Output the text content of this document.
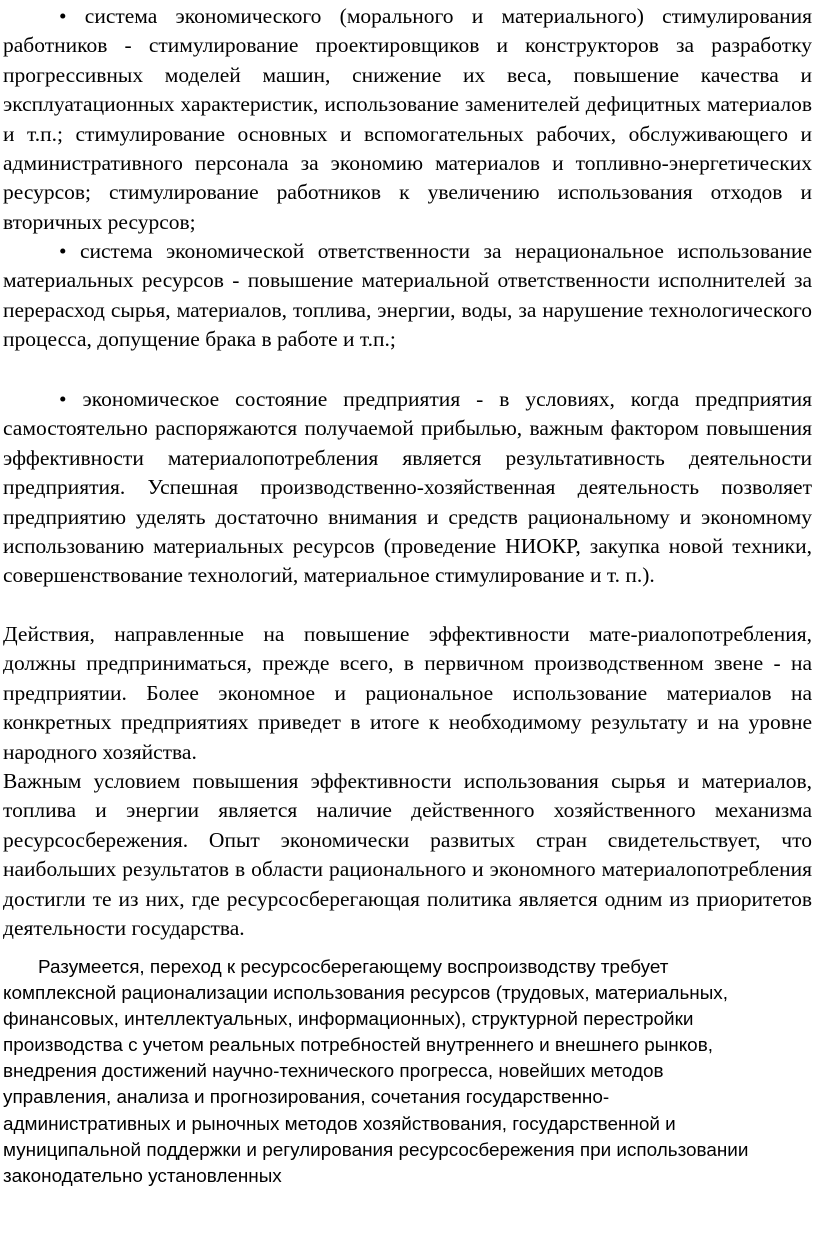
• система экономического (морального и материального) стимулирования работников - стимулирование проектировщиков и конструкторов за разработку прогрессивных моделей машин, снижение их веса, повышение качества и эксплуатационных характеристик, использование заменителей дефицитных материалов и т.п.; стимулирование основных и вспомогательных рабочих, обслуживающего и административного персонала за экономию материалов и топливно-энергетических ресурсов; стимулирование работников к увеличению использования отходов и вторичных ресурсов;

• система экономической ответственности за нерациональное использование материальных ресурсов - повышение материальной ответственности исполнителей за перерасход сырья, материалов, топлива, энергии, воды, за нарушение технологического процесса, допущение брака в работе и т.п.;

• экономическое состояние предприятия - в условиях, когда предприятия самостоятельно распоряжаются получаемой прибылью, важным фактором повышения эффективности материалопотребления является результативность деятельности предприятия. Успешная производственно-хозяйственная деятельность позволяет предприятию уделять достаточно внимания и средств рациональному и экономному использованию материальных ресурсов (проведение НИОКР, закупка новой техники, совершенствование технологий, материальное стимулирование и т. п.).

Действия, направленные на повышение эффективности мате-риалопотребления, должны предприниматься, прежде всего, в первичном производственном звене - на предприятии. Более экономное и рациональное использование материалов на конкретных предприятиях приведет в итоге к необходимому результату и на уровне народного хозяйства.

Важным условием повышения эффективности использования сырья и материалов, топлива и энергии является наличие действенного хозяйственного механизма ресурсосбережения. Опыт экономически развитых стран свидетельствует, что наибольших результатов в области рационального и экономного материалопотребления достигли те из них, где ресурсосберегающая политика является одним из приоритетов деятельности государства.

Разумеется, переход к ресурсосберегающему воспроизводству требует комплексной рационализации использования ресурсов (трудовых, материальных, финансовых, интеллектуальных, информационных), структурной перестройки производства с учетом реальных потребностей внутреннего и внешнего рынков, внедрения достижений научно-технического прогресса, новейших методов управления, анализа и прогнозирования, сочетания государственно-административных и рыночных методов хозяйствования, государственной и муниципальной поддержки и регулирования ресурсосбережения при использовании законодательно установленных
